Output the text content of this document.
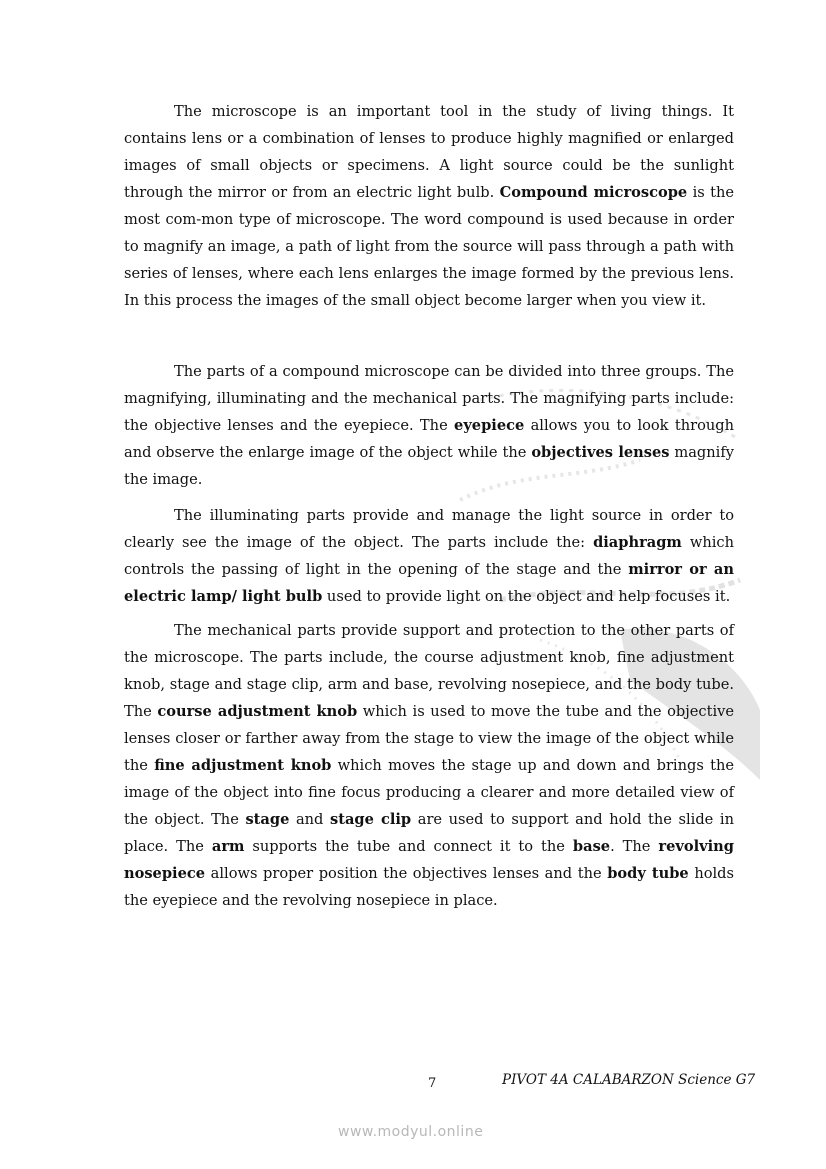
The microscope is an important tool in the study of living things. It contains lens or a combination of lenses to produce highly magnified or enlarged images of small objects or specimens. A light source could be the sunlight through the mirror or from an electric light bulb. Compound microscope is the most com-mon type of microscope. The word compound is used because in order to magnify an image, a path of light from the source will pass through a path with series of lenses, where each lens enlarges the image formed by the previous lens. In this process the images of the small object become larger when you view it.

The parts of a compound microscope can be divided into three groups. The magnifying, illuminating and the mechanical parts. The magnifying parts include: the objective lenses and the eyepiece. The eyepiece allows you to look through and observe the enlarge image of the object while the objectives lenses magnify the image.

The illuminating parts provide and manage the light source in order to clearly see the image of the object. The parts include the: diaphragm which controls the passing of light in the opening of the stage and the mirror or an electric lamp/ light bulb used to provide light on the object and help focuses it.

The mechanical parts provide support and protection to the other parts of the microscope. The parts include, the course adjustment knob, fine adjustment knob, stage and stage clip, arm and base, revolving nosepiece, and the body tube. The course adjustment knob which is used to move the tube and the objective lenses closer or farther away from the stage to view the image of the object while the fine adjustment knob which moves the stage up and down and brings the image of the object into fine focus producing a clearer and more detailed view of the object. The stage and stage clip are used to support and hold the slide in place. The arm supports the tube and connect it to the base. The revolving nosepiece allows proper position the objectives lenses and the body tube holds the eyepiece and the revolving nosepiece in place.

7	PIVOT 4A CALABARZON Science G7
www.modyul.online
